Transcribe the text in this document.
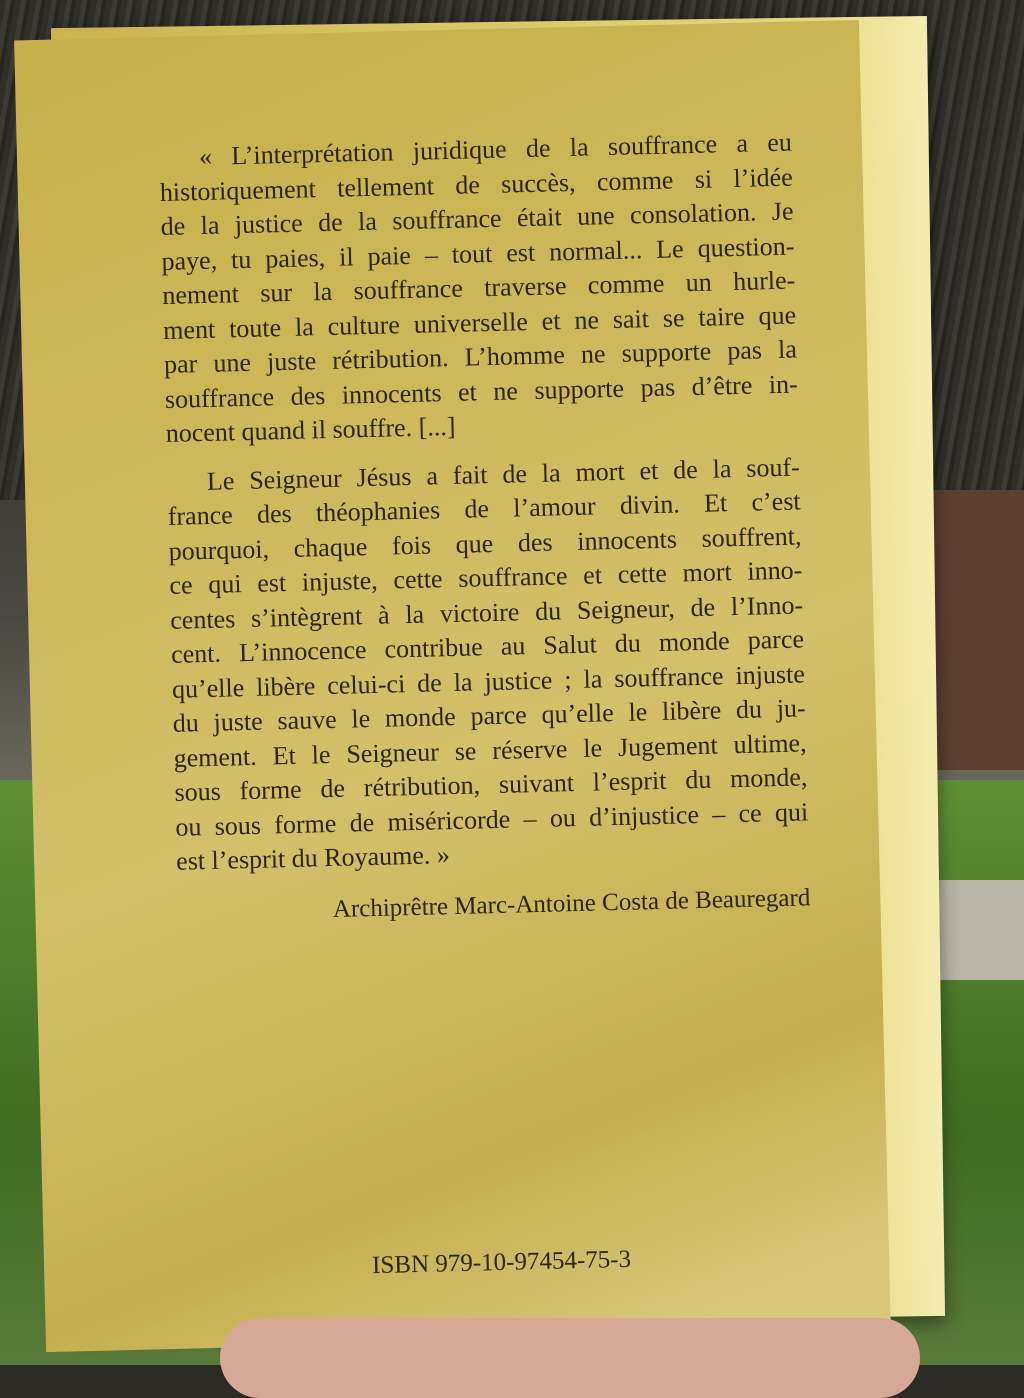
« L’interprétation juridique de la souffrance a eu
historiquement tellement de succès, comme si l’idée
de la justice de la souffrance était une consolation. Je
paye, tu paies, il paie – tout est normal... Le question-
nement sur la souffrance traverse comme un hurle-
ment toute la culture universelle et ne sait se taire que
par une juste rétribution. L’homme ne supporte pas la
souffrance des innocents et ne supporte pas d’être in-
nocent quand il souffre. [...]

Le Seigneur Jésus a fait de la mort et de la souf-
france des théophanies de l’amour divin. Et c’est
pourquoi, chaque fois que des innocents souffrent,
ce qui est injuste, cette souffrance et cette mort inno-
centes s’intègrent à la victoire du Seigneur, de l’Inno-
cent. L’innocence contribue au Salut du monde parce
qu’elle libère celui-ci de la justice ; la souffrance injuste
du juste sauve le monde parce qu’elle le libère du ju-
gement. Et le Seigneur se réserve le Jugement ultime,
sous forme de rétribution, suivant l’esprit du monde,
ou sous forme de miséricorde – ou d’injustice – ce qui
est l’esprit du Royaume. »

Archiprêtre Marc-Antoine Costa de Beauregard
ISBN 979-10-97454-75-3
